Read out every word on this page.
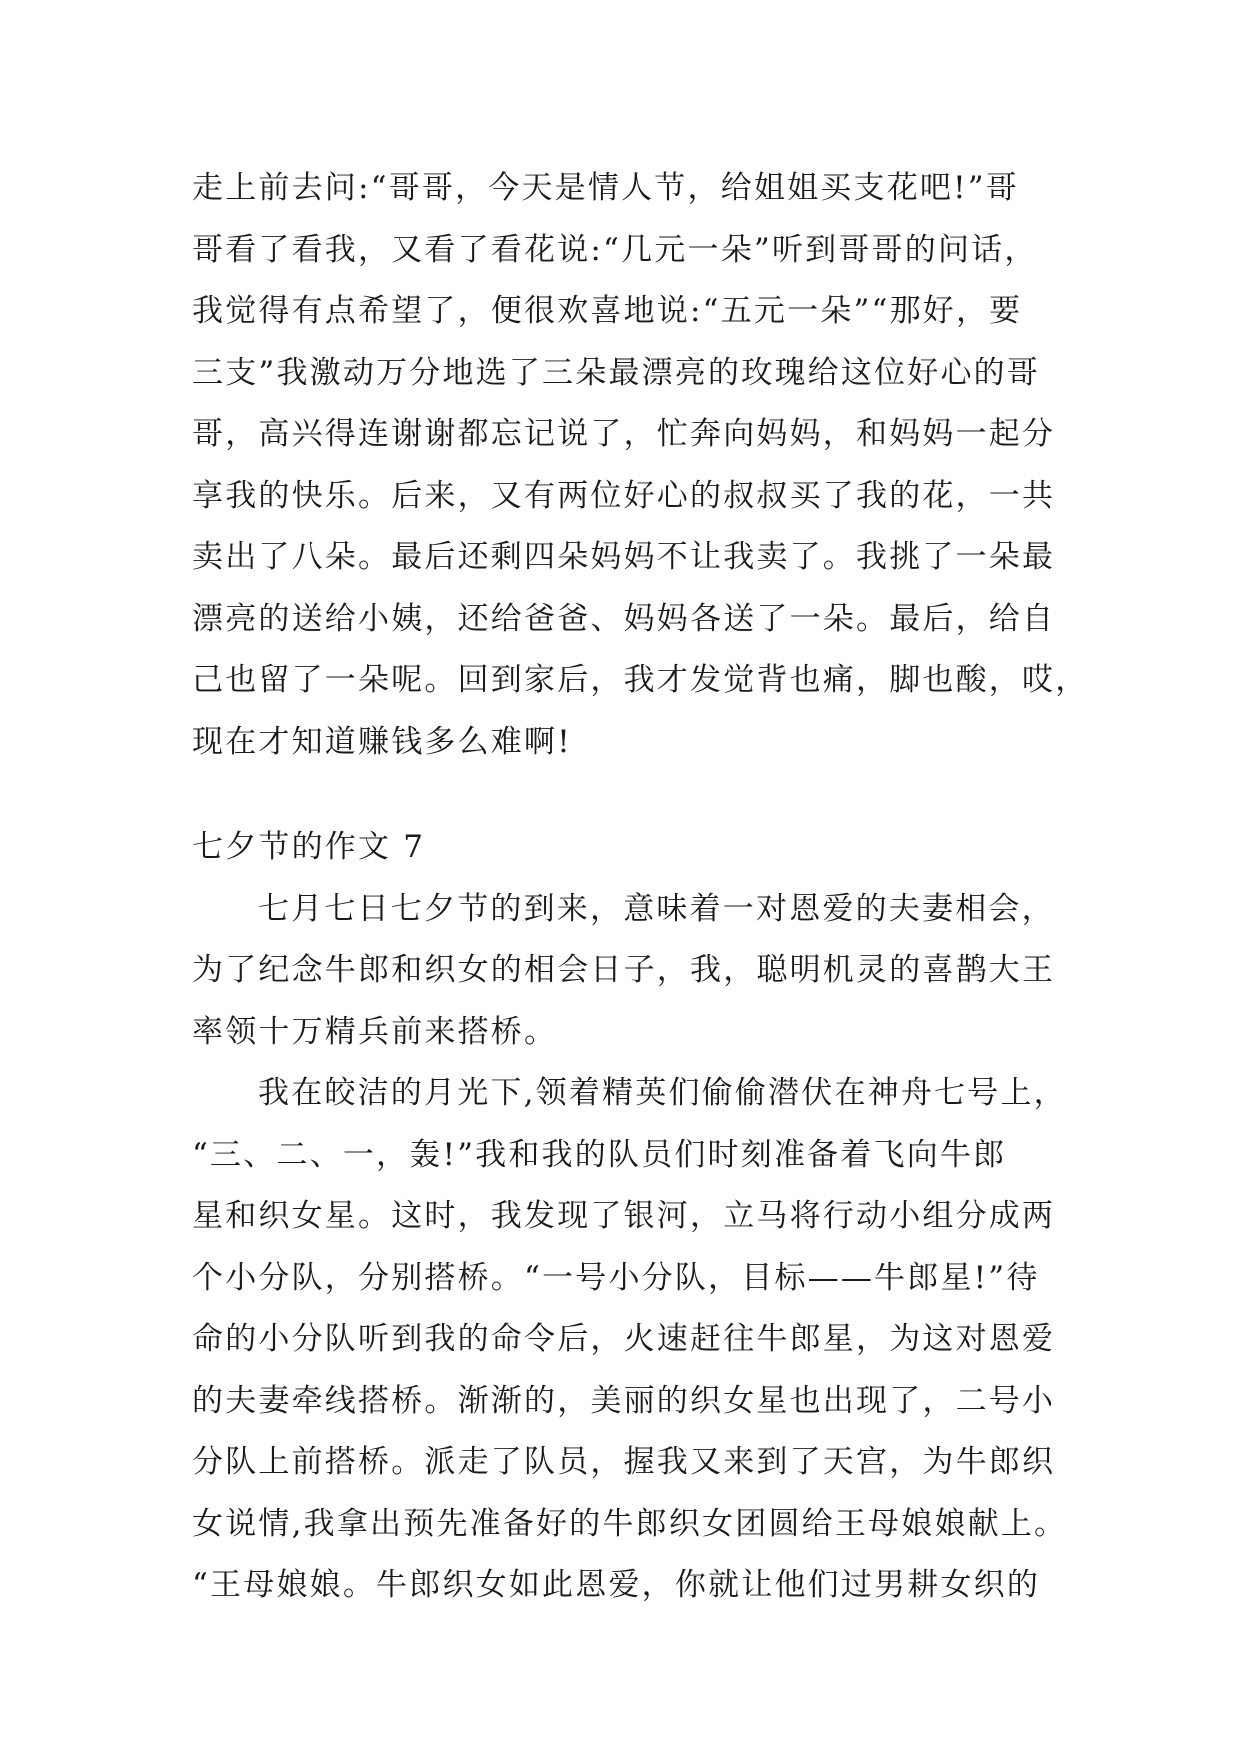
走上前去问:“哥哥，今天是情人节，给姐姐买支花吧!”哥
哥看了看我，又看了看花说:“几元一朵”听到哥哥的问话，
我觉得有点希望了，便很欢喜地说:“五元一朵”“那好，要
三支”我激动万分地选了三朵最漂亮的玫瑰给这位好心的哥
哥，高兴得连谢谢都忘记说了，忙奔向妈妈，和妈妈一起分
享我的快乐。后来，又有两位好心的叔叔买了我的花，一共
卖出了八朵。最后还剩四朵妈妈不让我卖了。我挑了一朵最
漂亮的送给小姨，还给爸爸、妈妈各送了一朵。最后，给自
己也留了一朵呢。回到家后，我才发觉背也痛，脚也酸，哎，
现在才知道赚钱多么难啊!
七夕节的作文 7
七月七日七夕节的到来，意味着一对恩爱的夫妻相会，
为了纪念牛郎和织女的相会日子，我，聪明机灵的喜鹊大王
率领十万精兵前来搭桥。
我在皎洁的月光下,领着精英们偷偷潜伏在神舟七号上，
“三、二、一，轰!”我和我的队员们时刻准备着飞向牛郎
星和织女星。这时，我发现了银河，立马将行动小组分成两
个小分队，分别搭桥。“一号小分队，目标——牛郎星!”待
命的小分队听到我的命令后，火速赶往牛郎星，为这对恩爱
的夫妻牵线搭桥。渐渐的，美丽的织女星也出现了，二号小
分队上前搭桥。派走了队员，握我又来到了天宫，为牛郎织
女说情,我拿出预先准备好的牛郎织女团圆给王母娘娘献上。
“王母娘娘。牛郎织女如此恩爱，你就让他们过男耕女织的
